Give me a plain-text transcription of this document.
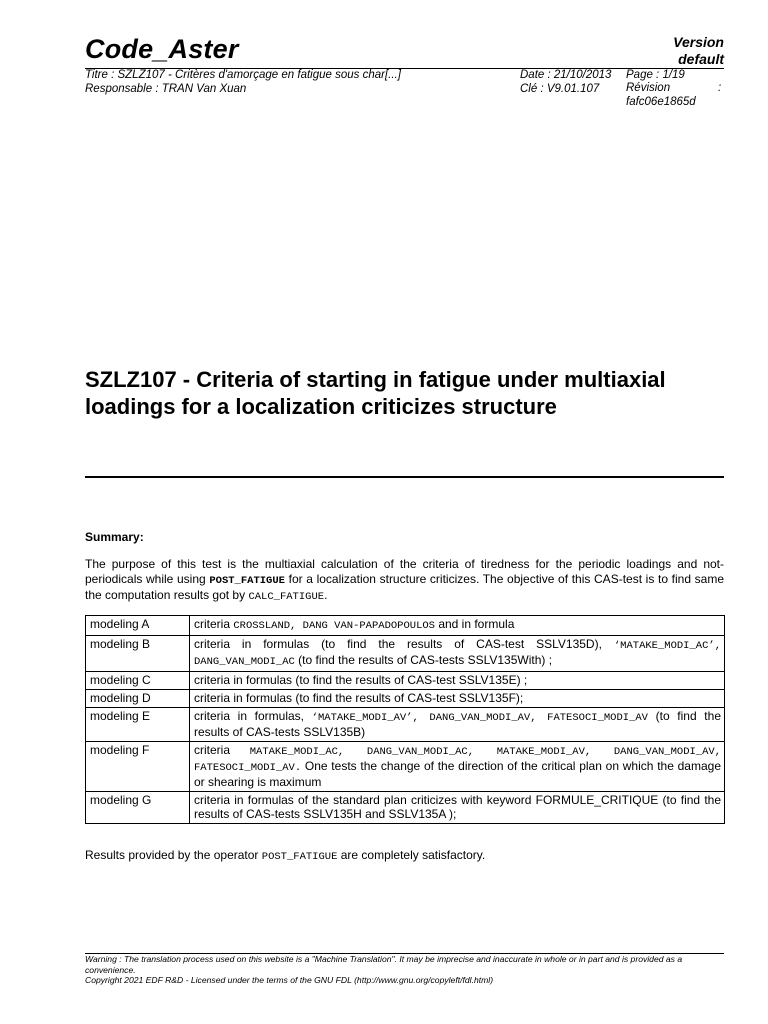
Code_Aster	Version
default
Titre : SZLZ107 - Critères d'amorçage en fatigue sous char[...]
Responsable : TRAN Van Xuan
Date : 21/10/2013 Page : 1/19
Clé : V9.01.107 Révision	:
fafc06e1865d
SZLZ107 - Criteria of starting in fatigue under multiaxial loadings for a localization criticizes structure
Summary:
The purpose of this test is the multiaxial calculation of the criteria of tiredness for the periodic loadings and not-periodicals while using POST_FATIGUE for a localization structure criticizes. The objective of this CAS-test is to find same the computation results got by CALC_FATIGUE.
modeling A	criteria CROSSLAND, DANG VAN-PAPADOPOULOS and in formula
modeling B	criteria in formulas (to find the results of CAS-test SSLV135D), ‘MATAKE_MODI_AC’, DANG_VAN_MODI_AC (to find the results of CAS-tests SSLV135With) ;
modeling C	criteria in formulas (to find the results of CAS-test SSLV135E) ;
modeling D	criteria in formulas (to find the results of CAS-test SSLV135F);
modeling E	criteria in formulas, ‘MATAKE_MODI_AV’, DANG_VAN_MODI_AV, FATESOCI_MODI_AV (to find the results of CAS-tests SSLV135B)
modeling F	criteria MATAKE_MODI_AC, DANG_VAN_MODI_AC, MATAKE_MODI_AV, DANG_VAN_MODI_AV, FATESOCI_MODI_AV. One tests the change of the direction of the critical plan on which the damage or shearing is maximum
modeling G	criteria in formulas of the standard plan criticizes with keyword FORMULE_CRITIQUE (to find the results of CAS-tests SSLV135H and SSLV135A );
Results provided by the operator POST_FATIGUE are completely satisfactory.
Warning : The translation process used on this website is a "Machine Translation". It may be imprecise and inaccurate in whole or in part and is provided as a convenience.
Copyright 2021 EDF R&D - Licensed under the terms of the GNU FDL (http://www.gnu.org/copyleft/fdl.html)
